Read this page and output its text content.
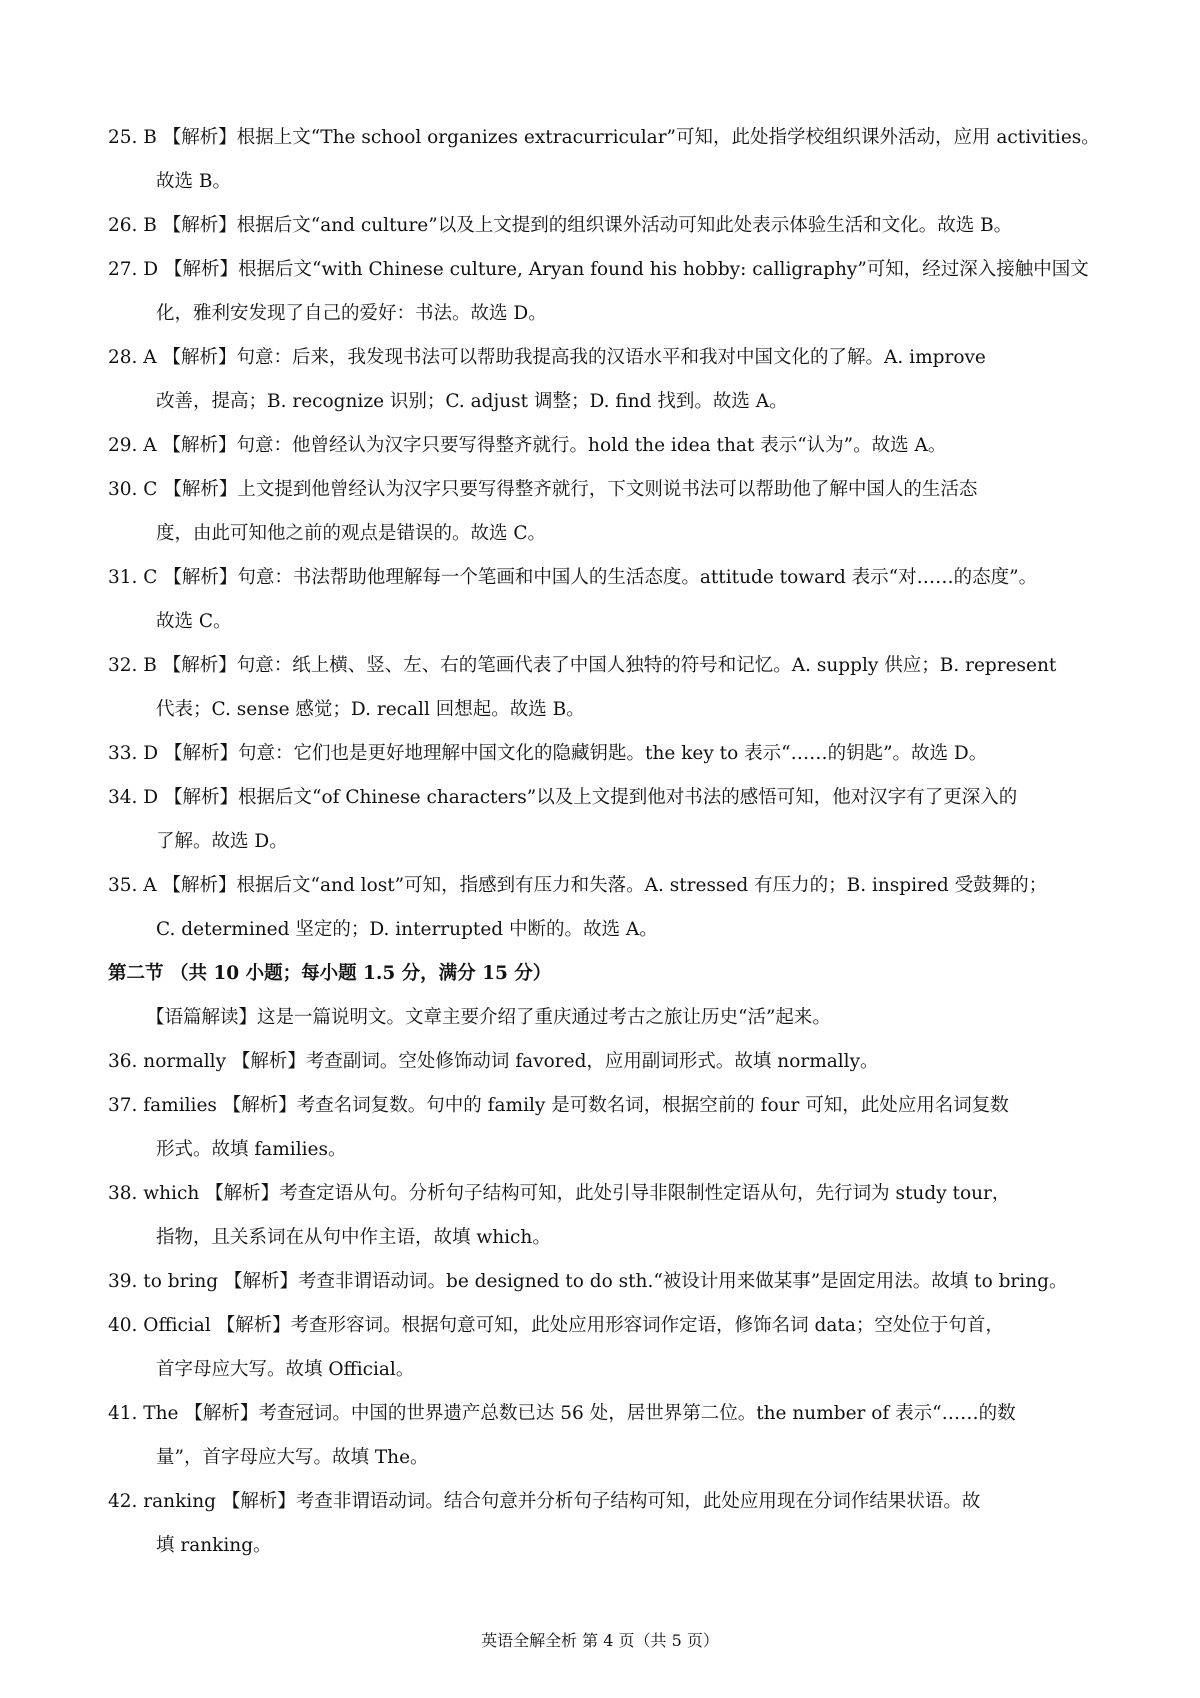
25. B 【解析】根据上文“The school organizes extracurricular”可知，此处指学校组织课外活动，应用 activities。
故选 B。
26. B 【解析】根据后文“and culture”以及上文提到的组织课外活动可知此处表示体验生活和文化。故选 B。
27. D 【解析】根据后文“with Chinese culture, Aryan found his hobby: calligraphy”可知，经过深入接触中国文
化，雅利安发现了自己的爱好：书法。故选 D。
28. A 【解析】句意：后来，我发现书法可以帮助我提高我的汉语水平和我对中国文化的了解。A. improve
改善，提高；B. recognize 识别；C. adjust 调整；D. find 找到。故选 A。
29. A 【解析】句意：他曾经认为汉字只要写得整齐就行。hold the idea that 表示“认为”。故选 A。
30. C 【解析】上文提到他曾经认为汉字只要写得整齐就行，下文则说书法可以帮助他了解中国人的生活态
度，由此可知他之前的观点是错误的。故选 C。
31. C 【解析】句意：书法帮助他理解每一个笔画和中国人的生活态度。attitude toward 表示“对……的态度”。
故选 C。
32. B 【解析】句意：纸上横、竖、左、右的笔画代表了中国人独特的符号和记忆。A. supply 供应；B. represent
代表；C. sense 感觉；D. recall 回想起。故选 B。
33. D 【解析】句意：它们也是更好地理解中国文化的隐藏钥匙。the key to 表示“……的钥匙”。故选 D。
34. D 【解析】根据后文“of Chinese characters”以及上文提到他对书法的感悟可知，他对汉字有了更深入的
了解。故选 D。
35. A 【解析】根据后文“and lost”可知，指感到有压力和失落。A. stressed 有压力的；B. inspired 受鼓舞的；
C. determined 坚定的；D. interrupted 中断的。故选 A。
第二节 （共 10 小题；每小题 1.5 分，满分 15 分）
【语篇解读】这是一篇说明文。文章主要介绍了重庆通过考古之旅让历史“活”起来。
36. normally 【解析】考查副词。空处修饰动词 favored，应用副词形式。故填 normally。
37. families 【解析】考查名词复数。句中的 family 是可数名词，根据空前的 four 可知，此处应用名词复数
形式。故填 families。
38. which 【解析】考查定语从句。分析句子结构可知，此处引导非限制性定语从句，先行词为 study tour，
指物，且关系词在从句中作主语，故填 which。
39. to bring 【解析】考查非谓语动词。be designed to do sth.“被设计用来做某事”是固定用法。故填 to bring。
40. Official 【解析】考查形容词。根据句意可知，此处应用形容词作定语，修饰名词 data；空处位于句首，
首字母应大写。故填 Official。
41. The 【解析】考查冠词。中国的世界遗产总数已达 56 处，居世界第二位。the number of 表示“……的数
量”，首字母应大写。故填 The。
42. ranking 【解析】考查非谓语动词。结合句意并分析句子结构可知，此处应用现在分词作结果状语。故
填 ranking。
英语全解全析 第 4 页（共 5 页）
